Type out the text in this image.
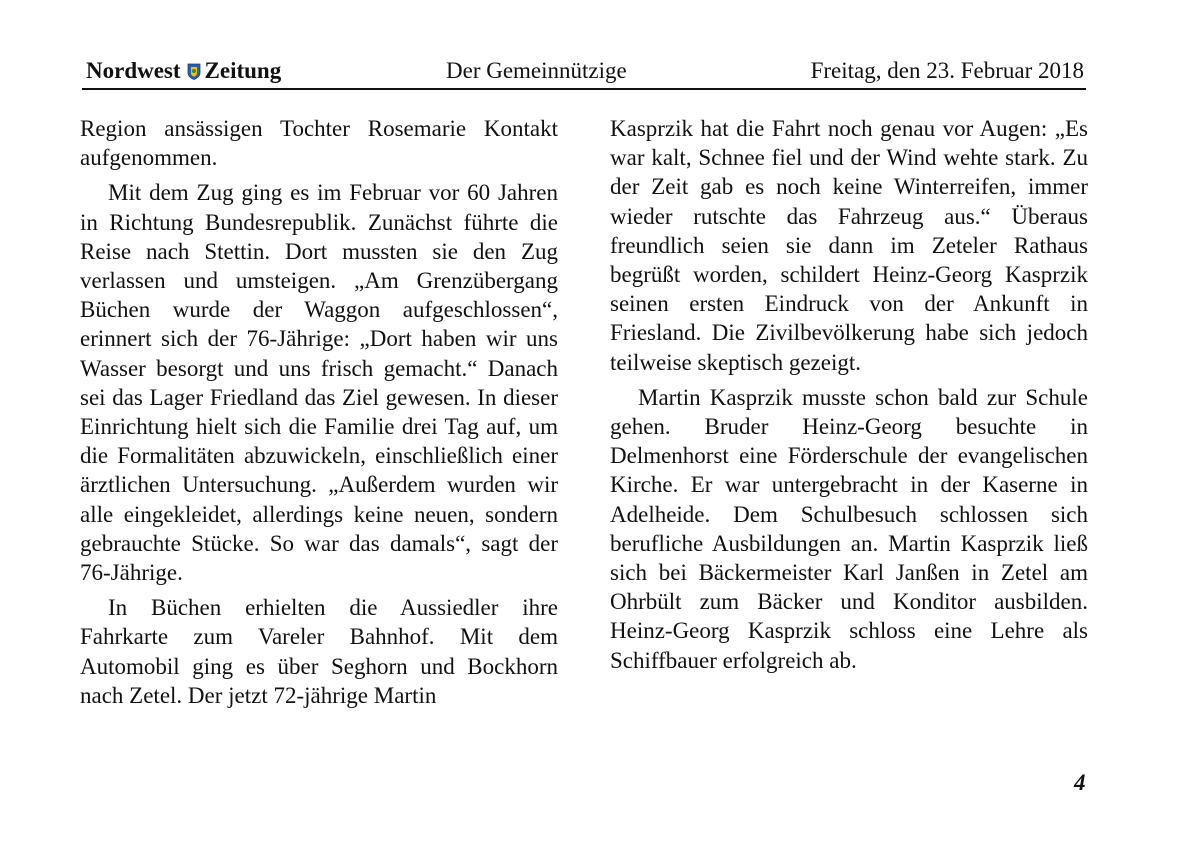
Nordwest Zeitung	Der Gemeinnützige	Freitag, den 23. Februar 2018

Region ansässigen Tochter Rosemarie Kontakt aufgenommen.

Mit dem Zug ging es im Februar vor 60 Jahren in Richtung Bundesrepublik. Zunächst führte die Reise nach Stettin. Dort mussten sie den Zug verlassen und umsteigen. „Am Grenzübergang Büchen wurde der Waggon aufgeschlossen“, erinnert sich der 76-Jährige: „Dort haben wir uns Wasser besorgt und uns frisch gemacht.“ Danach sei das Lager Friedland das Ziel gewesen. In dieser Einrichtung hielt sich die Familie drei Tag auf, um die Formalitäten abzuwickeln, einschließlich einer ärztlichen Untersuchung. „Außerdem wurden wir alle eingekleidet, allerdings keine neuen, sondern gebrauchte Stücke. So war das damals“, sagt der 76-Jährige.

In Büchen erhielten die Aussiedler ihre Fahrkarte zum Vareler Bahnhof. Mit dem Automobil ging es über Seghorn und Bockhorn nach Zetel. Der jetzt 72-jährige Martin

Kasprzik hat die Fahrt noch genau vor Augen: „Es war kalt, Schnee fiel und der Wind wehte stark. Zu der Zeit gab es noch keine Winterreifen, immer wieder rutschte das Fahrzeug aus.“ Überaus freundlich seien sie dann im Zeteler Rathaus begrüßt worden, schildert Heinz-Georg Kasprzik seinen ersten Eindruck von der Ankunft in Friesland. Die Zivilbevölkerung habe sich jedoch teilweise skeptisch gezeigt.

Martin Kasprzik musste schon bald zur Schule gehen. Bruder Heinz-Georg besuchte in Delmenhorst eine Förderschule der evangelischen Kirche. Er war untergebracht in der Kaserne in Adelheide. Dem Schulbesuch schlossen sich berufliche Ausbildungen an. Martin Kasprzik ließ sich bei Bäckermeister Karl Janßen in Zetel am Ohrbült zum Bäcker und Konditor ausbilden. Heinz-Georg Kasprzik schloss eine Lehre als Schiffbauer erfolgreich ab.

4
